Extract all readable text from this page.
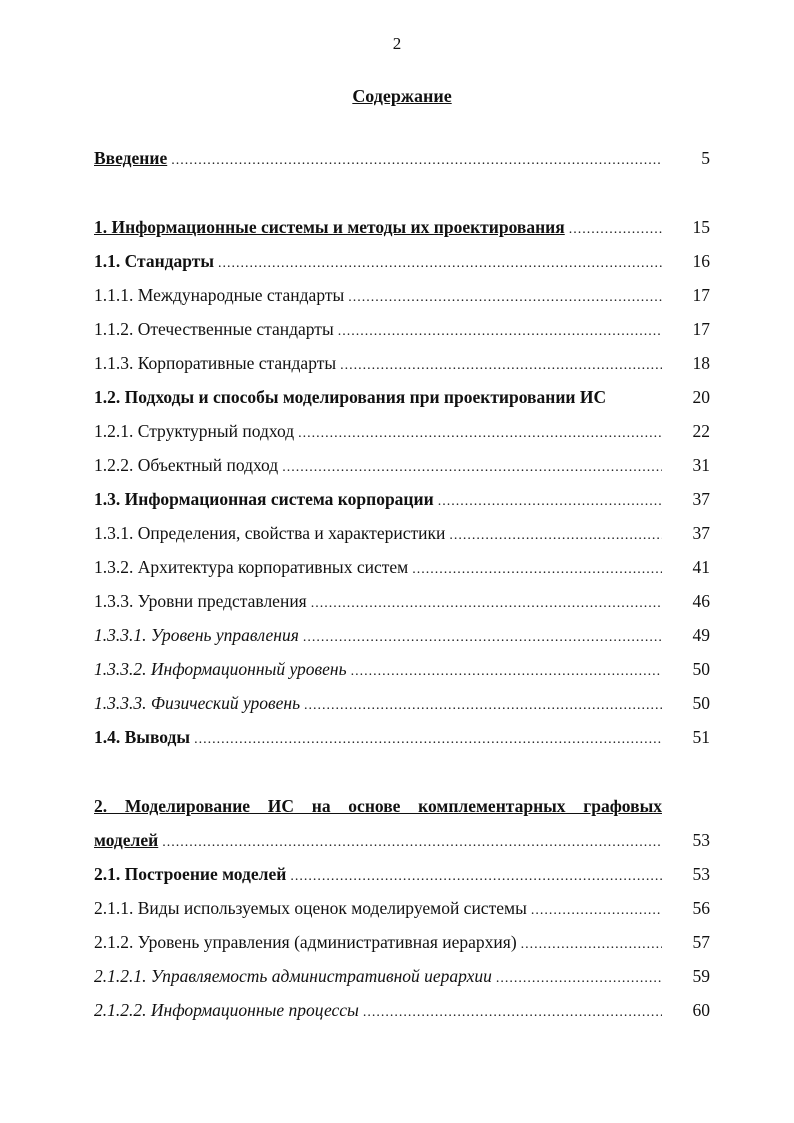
2
Содержание
Введение .....	5
1. Информационные системы и методы их проектирования .....	15
1.1. Стандарты .....	16
1.1.1. Международные стандарты .....	17
1.1.2. Отечественные стандарты .....	17
1.1.3. Корпоративные стандарты .....	18
1.2. Подходы и способы моделирования при проектировании ИС	20
1.2.1. Структурный подход .....	22
1.2.2. Объектный подход .....	31
1.3. Информационная система корпорации .....	37
1.3.1. Определения, свойства и характеристики .....	37
1.3.2. Архитектура корпоративных систем .....	41
1.3.3. Уровни представления .....	46
1.3.3.1. Уровень управления .....	49
1.3.3.2. Информационный уровень .....	50
1.3.3.3. Физический уровень .....	50
1.4. Выводы .....	51
2. Моделирование ИС на основе комплементарных графовых
моделей .....	53
2.1. Построение моделей .....	53
2.1.1. Виды используемых оценок моделируемой системы .....	56
2.1.2. Уровень управления (административная иерархия) .....	57
2.1.2.1. Управляемость административной иерархии .....	59
2.1.2.2. Информационные процессы .....	60
